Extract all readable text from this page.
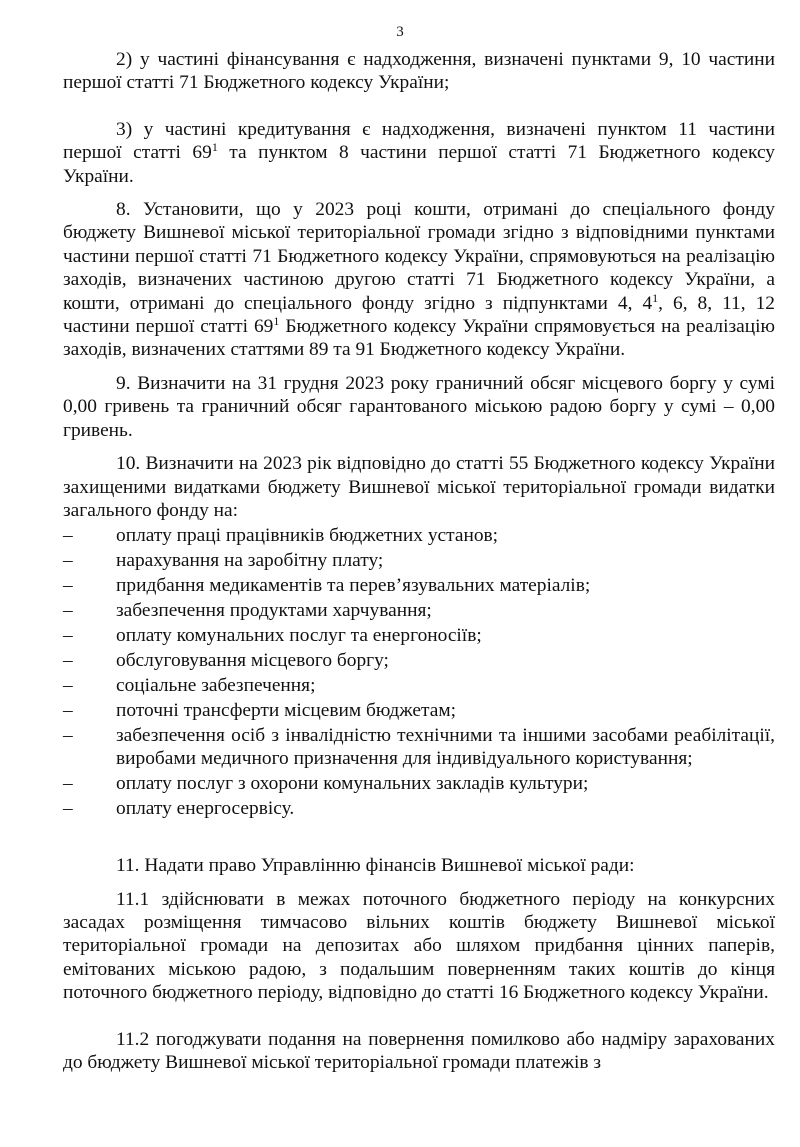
3

2) у частині фінансування є надходження, визначені пунктами 9, 10 частини першої статті 71 Бюджетного кодексу України;

3) у частині кредитування є надходження, визначені пунктом 11 частини першої статті $69^1$ та пунктом 8 частини першої статті 71 Бюджетного кодексу України.

8. Установити, що у 2023 році кошти, отримані до спеціального фонду бюджету Вишневої міської територіальної громади згідно з відповідними пунктами частини першої статті 71 Бюджетного кодексу України, спрямовуються на реалізацію заходів, визначених частиною другою статті 71 Бюджетного кодексу України, а кошти, отримані до спеціального фонду згідно з підпунктами 4, $4^1$, 6, 8, 11, 12 частини першої статті $69^1$ Бюджетного кодексу України спрямовується на реалізацію заходів, визначених статтями 89 та 91 Бюджетного кодексу України.

9. Визначити на 31 грудня 2023 року граничний обсяг місцевого боргу у сумі 0,00 гривень та граничний обсяг гарантованого міською радою боргу у сумі – 0,00 гривень.

10. Визначити на 2023 рік відповідно до статті 55 Бюджетного кодексу України захищеними видатками бюджету Вишневої міської територіальної громади видатки загального фонду на:

–	оплату праці працівників бюджетних установ;
–	нарахування на заробітну плату;
–	придбання медикаментів та перев’язувальних матеріалів;
–	забезпечення продуктами харчування;
–	оплату комунальних послуг та енергоносіїв;
–	обслуговування місцевого боргу;
–	соціальне забезпечення;
–	поточні трансферти місцевим бюджетам;
–	забезпечення осіб з інвалідністю технічними та іншими засобами реабілітації, виробами медичного призначення для індивідуального користування;
–	оплату послуг з охорони комунальних закладів культури;
–	оплату енергосервісу.

11. Надати право Управлінню фінансів Вишневої міської ради:

11.1 здійснювати в межах поточного бюджетного періоду на конкурсних засадах розміщення тимчасово вільних коштів бюджету Вишневої міської територіальної громади на депозитах або шляхом придбання цінних паперів, емітованих міською радою, з подальшим поверненням таких коштів до кінця поточного бюджетного періоду, відповідно до статті 16 Бюджетного кодексу України.

11.2 погоджувати подання на повернення помилково або надміру зарахованих до бюджету Вишневої міської територіальної громади платежів з
